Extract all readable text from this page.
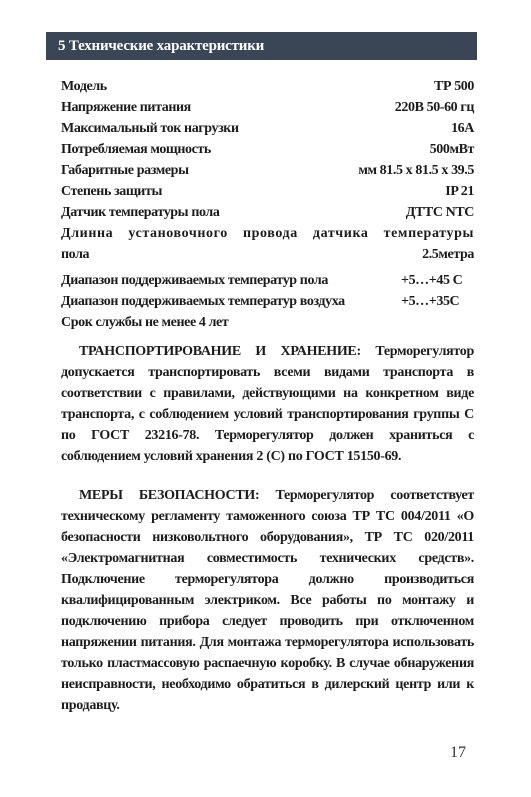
5 Технические характеристики
Модель	ТР 500
Напряжение питания	220В 50-60 гц
Максимальный ток нагрузки	16А
Потребляемая мощность	500мВт
Габаритные размеры	мм 81.5 x 81.5 x 39.5
Степень защиты	IP 21
Датчик температуры пола	ДТТС NTC
Длинна установочного провода датчика температуры
пола	2.5метра
Диапазон поддерживаемых температур пола	+5…+45 С
Диапазон поддерживаемых температур воздуха	+5…+35С
Срок службы не менее 4 лет

ТРАНСПОРТИРОВАНИЕ И ХРАНЕНИЕ: Терморегулятор допускается транспортировать всеми видами транспорта в соответствии с правилами, действующими на конкретном виде транспорта, с соблюдением условий транспортирования группы С по ГОСТ 23216-78. Терморегулятор должен храниться с соблюдением условий хранения 2 (С) по ГОСТ 15150-69.

МЕРЫ БЕЗОПАСНОСТИ: Терморегулятор соответствует техническому регламенту таможенного союза ТР ТС 004/2011 «О безопасности низковольтного оборудования», ТР ТС 020/2011 «Электромагнитная совместимость технических средств». Подключение терморегулятора должно производиться квалифицированным электриком. Все работы по монтажу и подключению прибора следует проводить при отключенном напряжении питания. Для монтажа терморегулятора использовать только пластмассовую распаечную коробку. В случае обнаружения неисправности, необходимо обратиться в дилерский центр или к продавцу.

17
